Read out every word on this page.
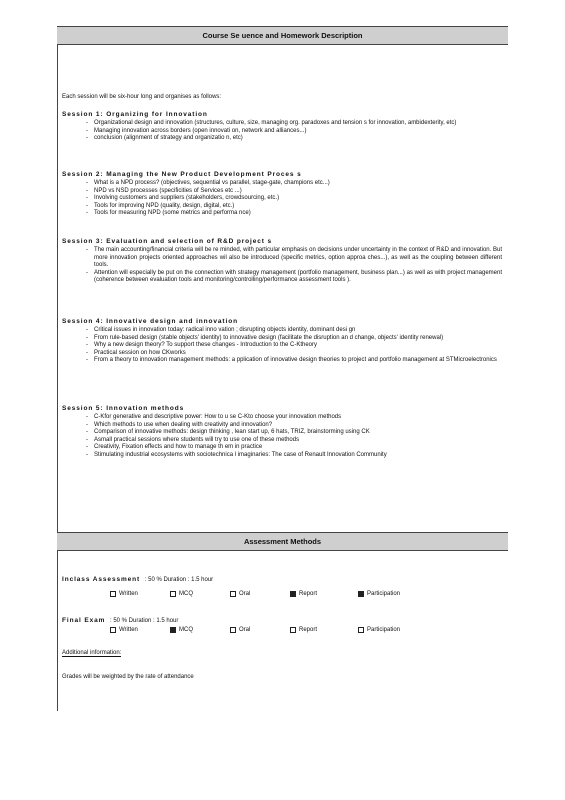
Course Se uence and Homework Description
Each session will be six-hour long and organises as follows:
Session 1: Organizing for Innovation
- Organizational design and innovation (structures, culture, size, managing org. paradoxes and tension s for innovation, ambidexterity, etc)
- Managing innovation across borders (open innovati on, network and alliances...)
- conclusion (alignment of strategy and organizatio n, etc)
Session 2: Managing the New Product Development Proces s
- What is a NPD process? (objectives, sequential vs parallel, stage-gate, champions etc...)
- NPD vs NSD processes (specificities of Services etc ...)
- Involving customers and suppliers (stakeholders, crowdsourcing, etc.)
- Tools for improving NPD (quality, design, digital, etc.)
- Tools for measuring NPD (some metrics and performa nce)
Session 3: Evaluation and selection of R&D project s
- The main accounting/financial criteria will be re minded, with particular emphasis on decisions under uncertainty in the context of R&D and innovation. But more innovation projects oriented approaches wil also be introduced (specific metrics, option approa ches...), as well as the coupling between different tools.
- Attention will especially be put on the connection with strategy management (portfolio management, business plan...) as well as with project management (coherence between evaluation tools and monitoring/controlling/performance assessment tools ).
Session 4: Innovative design and innovation
- Critical issues in innovation today: radical inno vation ; disrupting objects identity, dominant desi gn
- From rule-based design (stable objects' identity) to innovative design (facilitate the disruption an d change, objects' identity renewal)
- Why a new design theory? To support these changes - Introduction to the C-Ktheory
- Practical session on how CKworks
- From a theory to innovation management methods: a pplication of innovative design theories to project and portfolio management at STMicroelectronics
Session 5: Innovation methods
- C-Kfor generative and descriptive power: How to u se C-Kto choose your innovation methods
- Which methods to use when dealing with creativity and innovation?
- Comparison of innovative methods: design thinking , lean start up, 6 hats, TRIZ, brainstorming using CK
- Asmall practical sessions where students will try to use one of these methods
- Creativity, Fixation effects and how to manage th em in practice
- Stimulating industrial ecosystems with sociotechnica l imaginaries: The case of Renault Innovation Community
Assessment Methods
Inclass Assessment : 50 % Duration : 1.5 hour
Written	MCQ	Oral	Report	Participation
Final Exam : 50 % Duration : 1.5 hour
Written	MCQ	Oral	Report	Participation
Additional information:
Grades will be weighted by the rate of attendance
